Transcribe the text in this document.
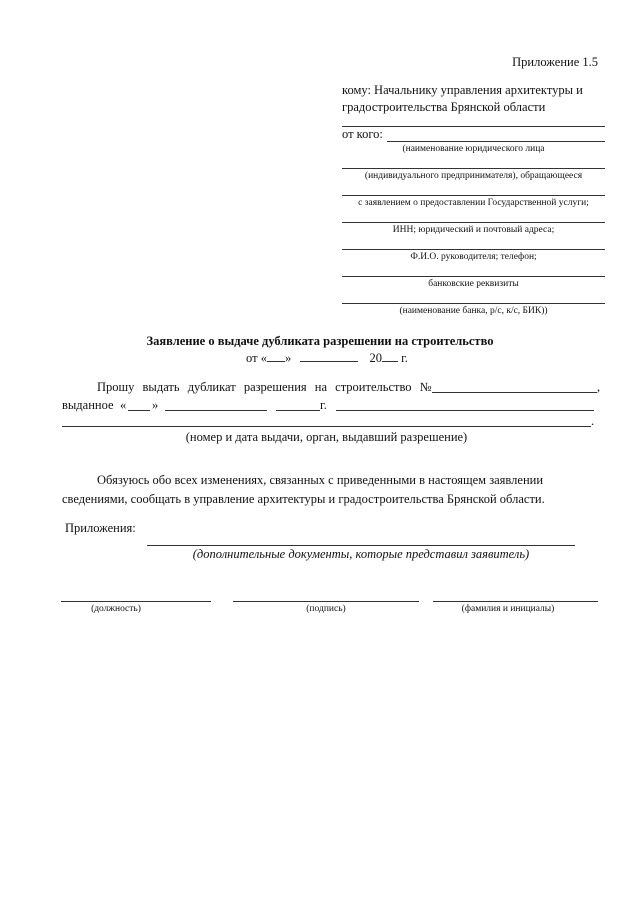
Приложение 1.5
кому: Начальнику управления архитектуры и
градостроительства Брянской области
от кого:
(наименование юридического лица
(индивидуального предпринимателя), обращающееся
с заявлением о предоставлении Государственной услуги;
ИНН; юридический и почтовый адреса;
Ф.И.О. руководителя; телефон;
банковские реквизиты
(наименование банка, р/с, к/с, БИК))
Заявление о выдаче дубликата разрешении на строительство
от « »	20 г.
Прошу выдать дубликат разрешения на строительство №	,
выданное « »	г.
.
(номер и дата выдачи, орган, выдавший разрешение)
Обязуюсь обо всех изменениях, связанных с приведенными в настоящем заявлении
сведениями, сообщать в управление архитектуры и градостроительства Брянской области.
Приложения:
(дополнительные документы, которые представил заявитель)
(должность)	(подпись)	(фамилия и инициалы)
